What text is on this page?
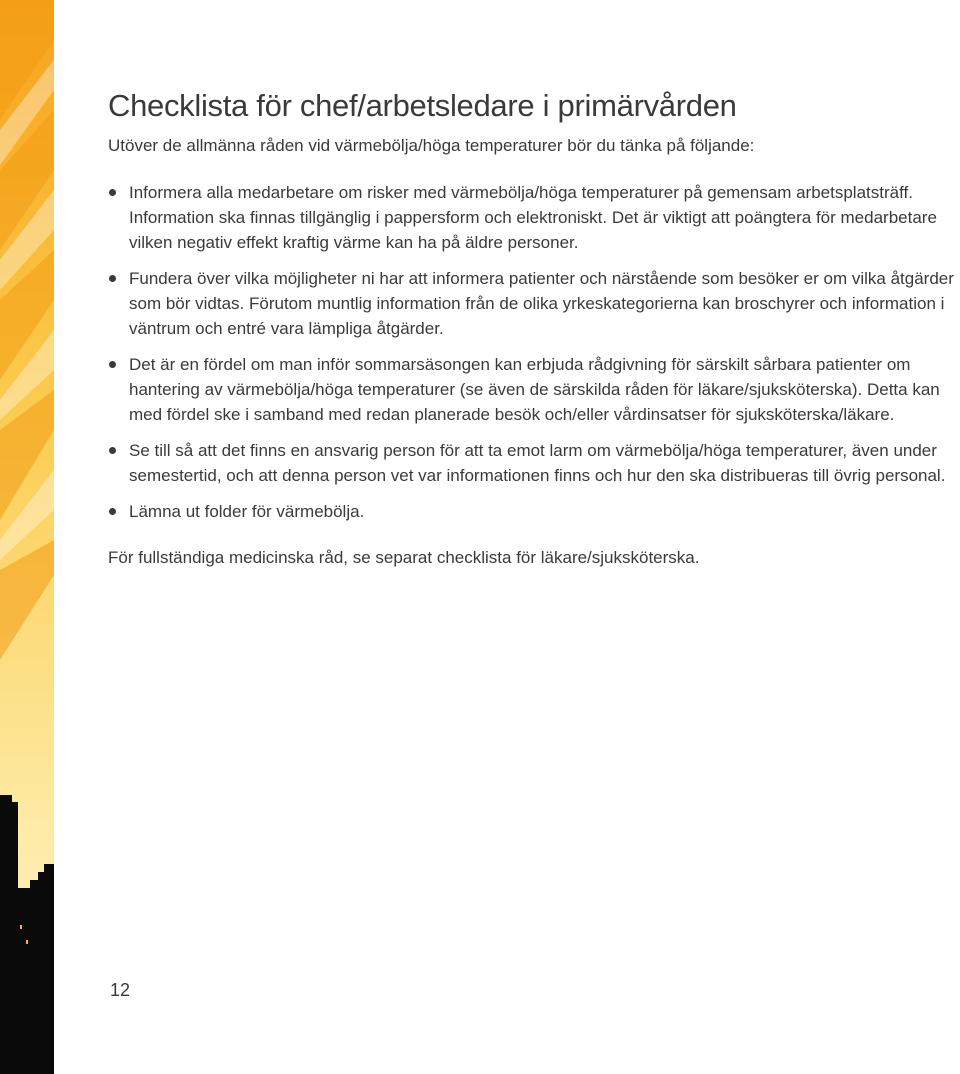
Checklista för chef/arbetsledare i primärvården

Utöver de allmänna råden vid värmebölja/höga temperaturer bör du tänka på följande:

Informera alla medarbetare om risker med värmebölja/höga temperaturer på gemensam arbetsplatsträff. Information ska finnas tillgänglig i pappersform och elektroniskt. Det är viktigt att poängtera för medarbetare vilken negativ effekt kraftig värme kan ha på äldre personer.
Fundera över vilka möjligheter ni har att informera patienter och närstående som besöker er om vilka åtgärder som bör vidtas. Förutom muntlig information från de olika yrkeskategorierna kan broschyrer och information i väntrum och entré vara lämpliga åtgärder.
Det är en fördel om man inför sommarsäsongen kan erbjuda rådgivning för särskilt sårbara patienter om hantering av värmebölja/höga temperaturer (se även de särskilda råden för läkare/sjuksköterska). Detta kan med fördel ske i samband med redan planerade besök och/eller vårdinsatser för sjuksköterska/läkare.
Se till så att det finns en ansvarig person för att ta emot larm om värmebölja/höga temperaturer, även under semestertid, och att denna person vet var informationen finns och hur den ska distribueras till övrig personal.
Lämna ut folder för värmebölja.

För fullständiga medicinska råd, se separat checklista för läkare/sjuksköterska.

12
